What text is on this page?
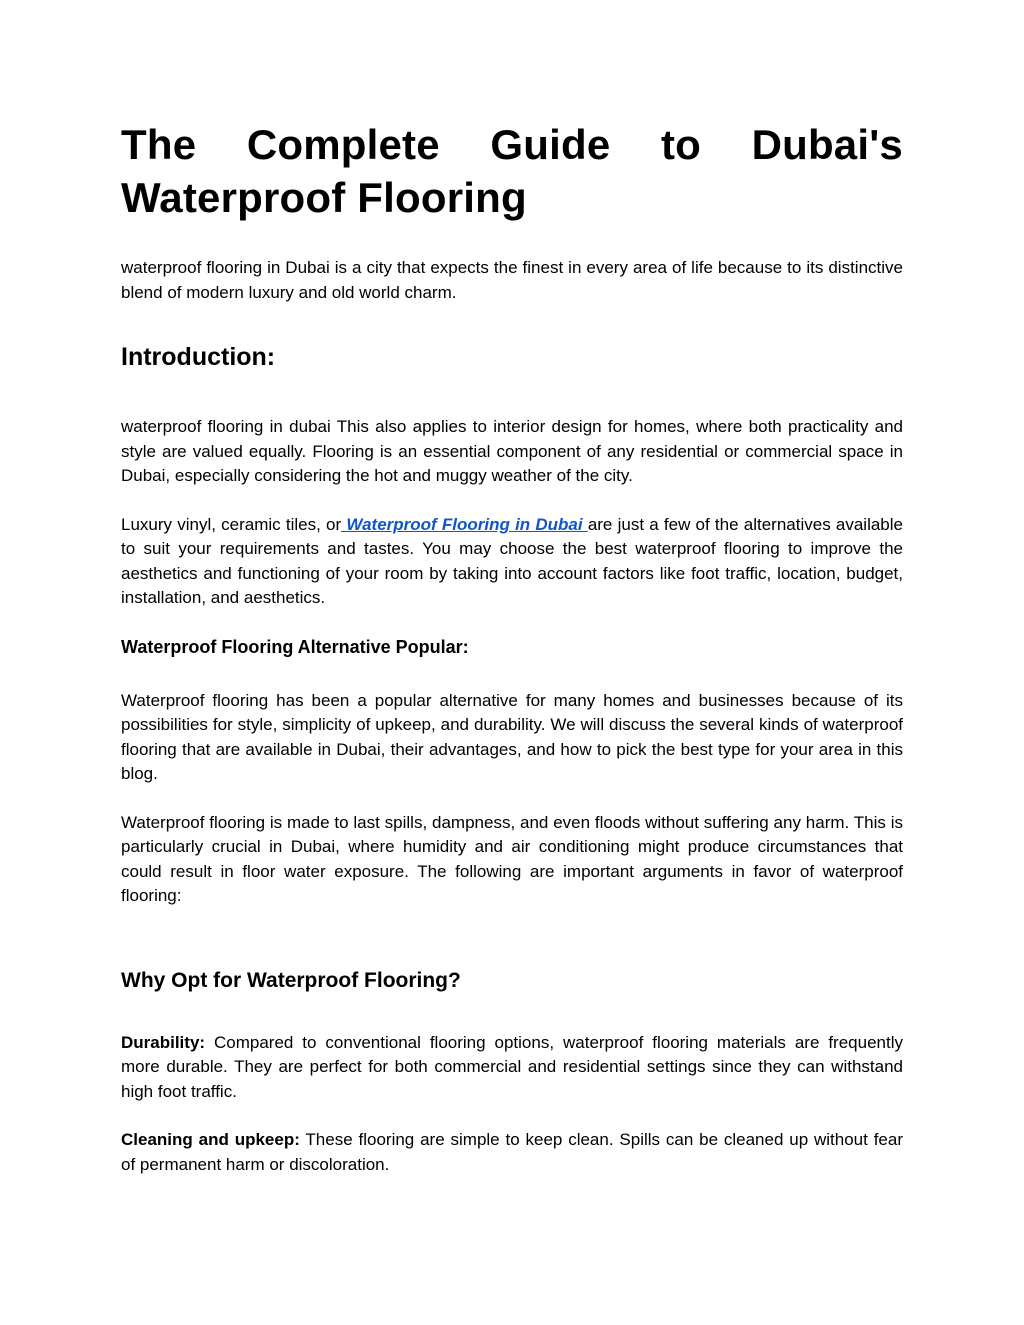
The Complete Guide to Dubai's
Waterproof Flooring

waterproof flooring in Dubai is a city that expects the finest in every area of life because to its distinctive blend of modern luxury and old world charm.

Introduction:

waterproof flooring in dubai This also applies to interior design for homes, where both practicality and style are valued equally. Flooring is an essential component of any residential or commercial space in Dubai, especially considering the hot and muggy weather of the city.

Luxury vinyl, ceramic tiles, or Waterproof Flooring in Dubai are just a few of the alternatives available to suit your requirements and tastes. You may choose the best waterproof flooring to improve the aesthetics and functioning of your room by taking into account factors like foot traffic, location, budget, installation, and aesthetics.

Waterproof Flooring Alternative Popular:

Waterproof flooring has been a popular alternative for many homes and businesses because of its possibilities for style, simplicity of upkeep, and durability. We will discuss the several kinds of waterproof flooring that are available in Dubai, their advantages, and how to pick the best type for your area in this blog.

Waterproof flooring is made to last spills, dampness, and even floods without suffering any harm. This is particularly crucial in Dubai, where humidity and air conditioning might produce circumstances that could result in floor water exposure. The following are important arguments in favor of waterproof flooring:

Why Opt for Waterproof Flooring?

Durability: Compared to conventional flooring options, waterproof flooring materials are frequently more durable. They are perfect for both commercial and residential settings since they can withstand high foot traffic.

Cleaning and upkeep: These flooring are simple to keep clean. Spills can be cleaned up without fear of permanent harm or discoloration.
